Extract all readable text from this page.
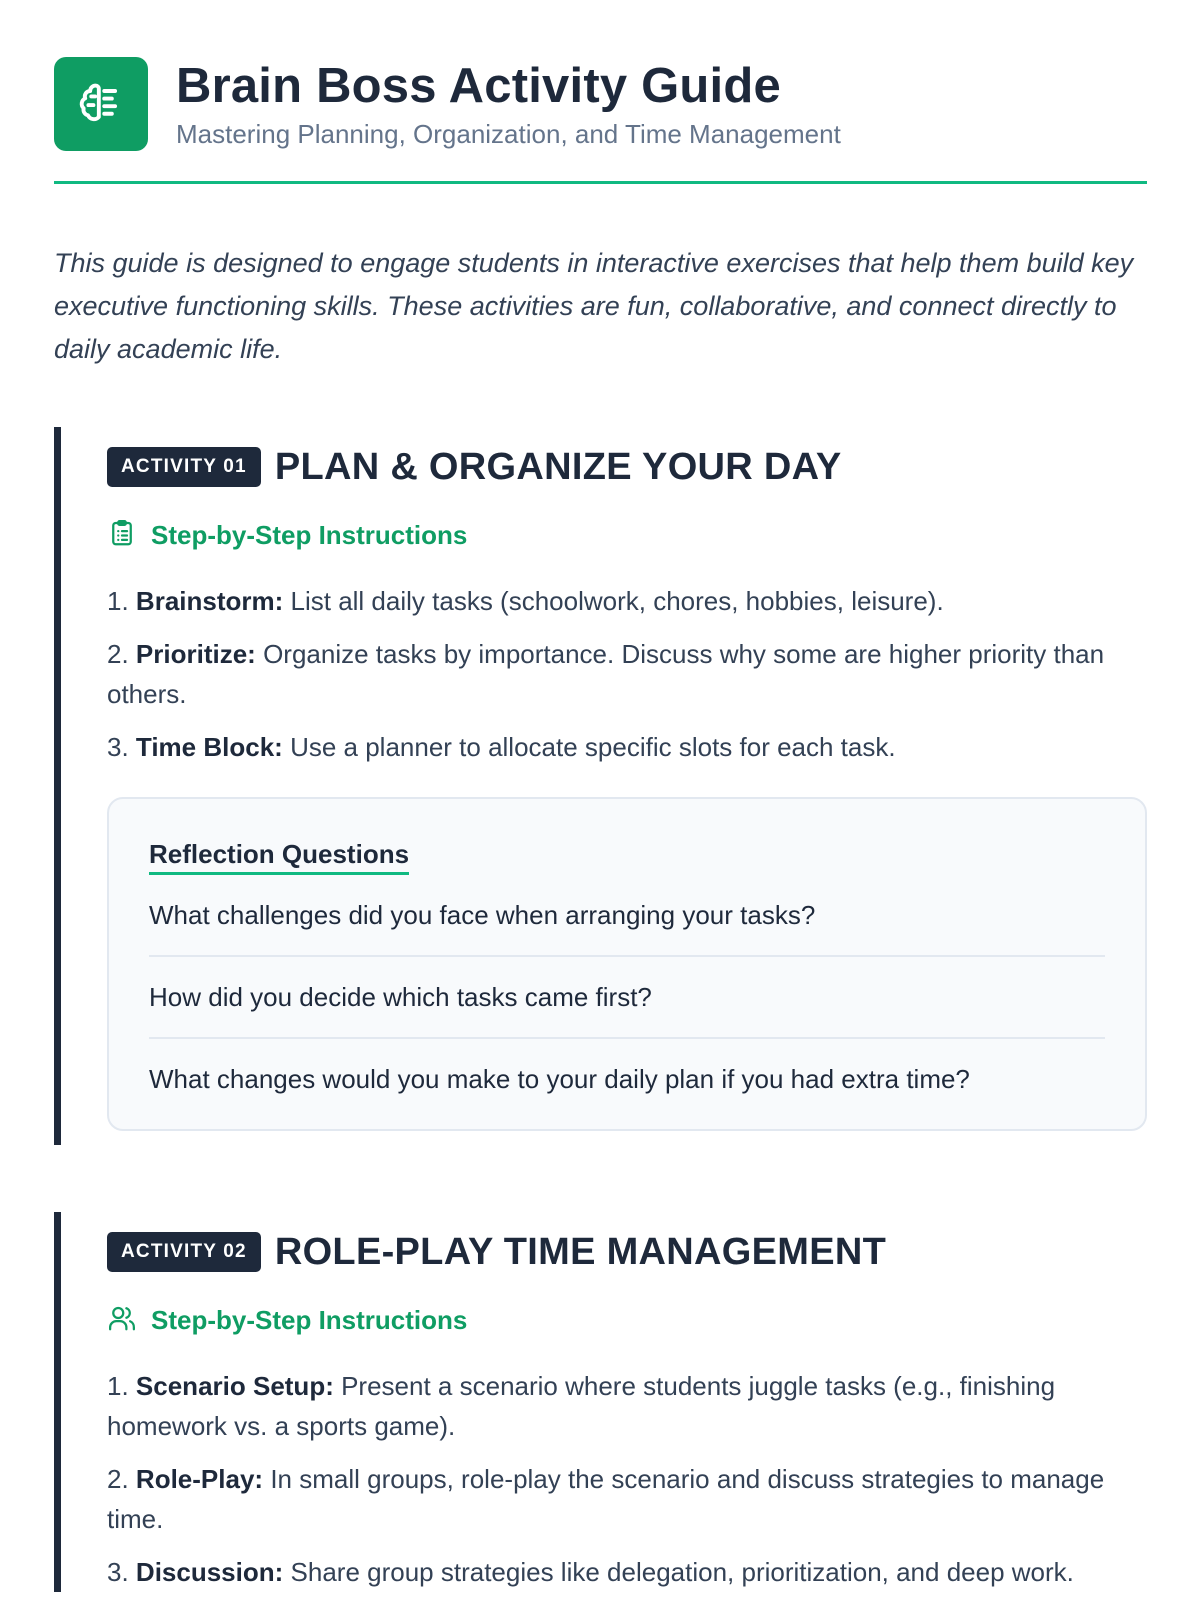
Brain Boss Activity Guide
Mastering Planning, Organization, and Time Management

This guide is designed to engage students in interactive exercises that help them build key executive functioning skills. These activities are fun, collaborative, and connect directly to daily academic life.

ACTIVITY 01 PLAN & ORGANIZE YOUR DAY
Step-by-Step Instructions
1. Brainstorm: List all daily tasks (schoolwork, chores, hobbies, leisure).
2. Prioritize: Organize tasks by importance. Discuss why some are higher priority than others.
3. Time Block: Use a planner to allocate specific slots for each task.
Reflection Questions
What challenges did you face when arranging your tasks?
How did you decide which tasks came first?
What changes would you make to your daily plan if you had extra time?
ACTIVITY 02 ROLE-PLAY TIME MANAGEMENT
Step-by-Step Instructions
1. Scenario Setup: Present a scenario where students juggle tasks (e.g., finishing homework vs. a sports game).
2. Role-Play: In small groups, role-play the scenario and discuss strategies to manage time.
3. Discussion: Share group strategies like delegation, prioritization, and deep work.
